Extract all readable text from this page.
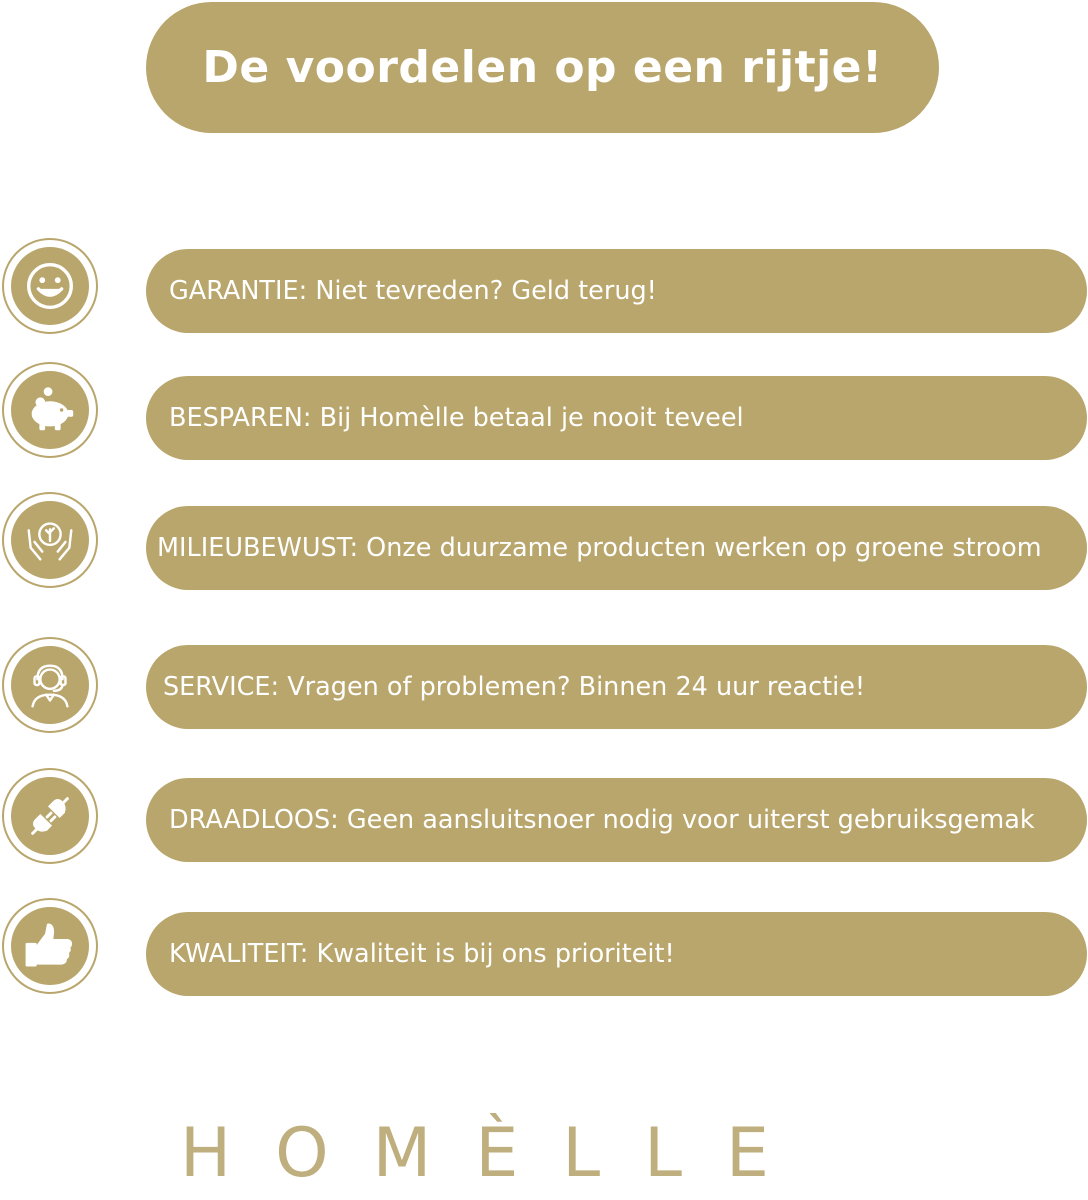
De voordelen op een rijtje!
GARANTIE: Niet tevreden? Geld terug!
BESPAREN: Bij Homèlle betaal je nooit teveel
MILIEUBEWUST: Onze duurzame producten werken op groene stroom
SERVICE: Vragen of problemen? Binnen 24 uur reactie!
DRAADLOOS: Geen aansluitsnoer nodig voor uiterst gebruiksgemak
KWALITEIT: Kwaliteit is bij ons prioriteit!
HOMÈLLE
